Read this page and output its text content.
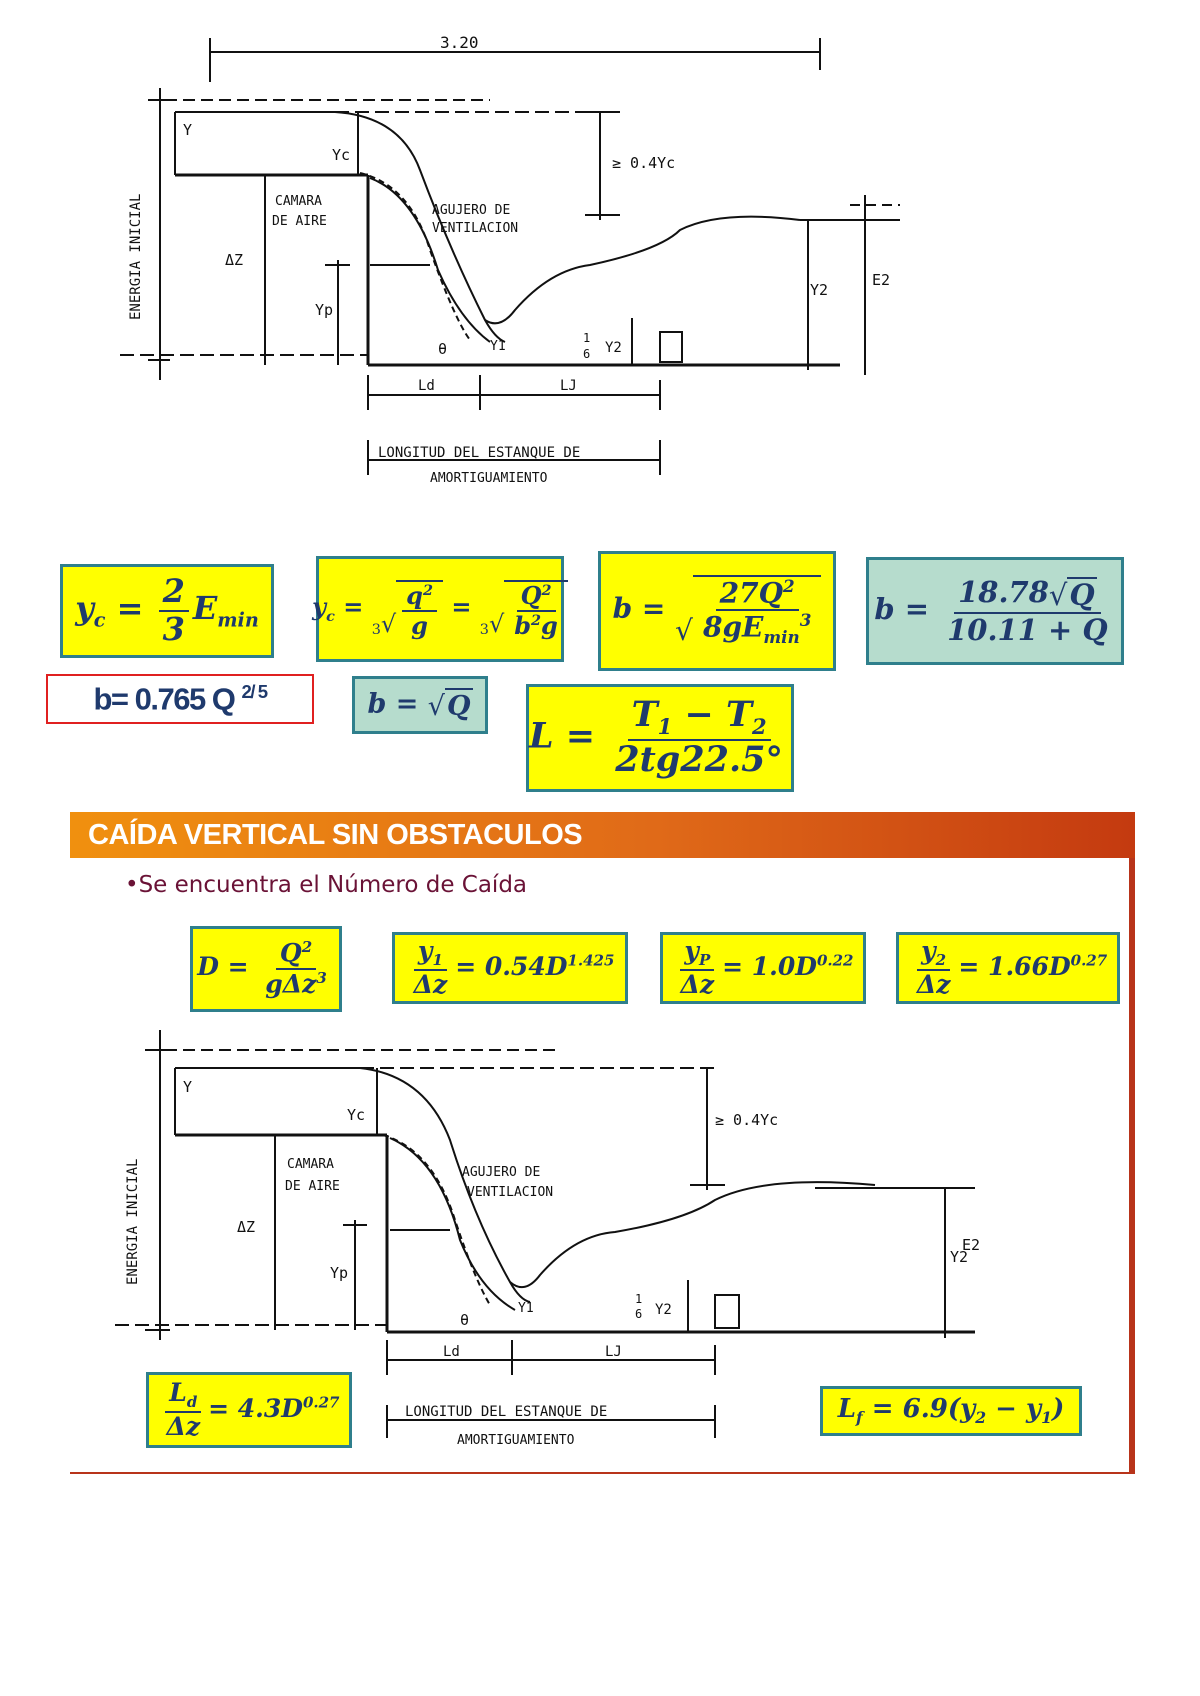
3.20
ENERGIA INICIAL
Y
Yc
ΔZ
Yp
Y1
Y2
E2
θ
CAMARA
DE AIRE
AGUJERO DE
VENTILACION
≥ 0.4Yc
1
6 Y2
Ld	LJ
LONGITUD DEL ESTANQUE DE
AMORTIGUAMIENTO
$y_c = \frac{2}{3} E_{min}$ $y_c$ =
3 √ $\frac{q^2}{g}$ =
3 √ $\frac{Q^2}{b^2g}$ b =
√ $\frac{27Q^2}{8gE_{min}^3}$ $b = \frac{18.78 √ Q}{10.11 + Q}$
b= 0.765 Q $^{2/ 5}$	b = √ Q
$L = \frac{T_1 - T_2}{2tg22.5^\circ}$
CAÍDA VERTICAL SIN OBSTACULOS
•Se encuentra el Número de Caída
$D = \frac{Q^2}{g\Delta z^3}$	$\frac{y_1}{\Delta z} = 0.54D^{1.425} \frac{y_P}{\Delta z} = 1.0D^{0.22} \frac{y_2}{\Delta z} = 1.66D^{0.27}$
ENERGIA INICIAL
Y
Yc
ΔZ
Yp
Y1
Y2
E2
θ
CAMARA
DE AIRE
AGUJERO DE
VENTILACION
≥ 0.4Yc
1
6 Y2
Ld	LJ
LONGITUD DEL ESTANQUE DE
AMORTIGUAMIENTO
$\frac{L_d}{\Delta z} = 4.3D^{0.27}$	$L_f = 6.9(y_2 - y_1)$
